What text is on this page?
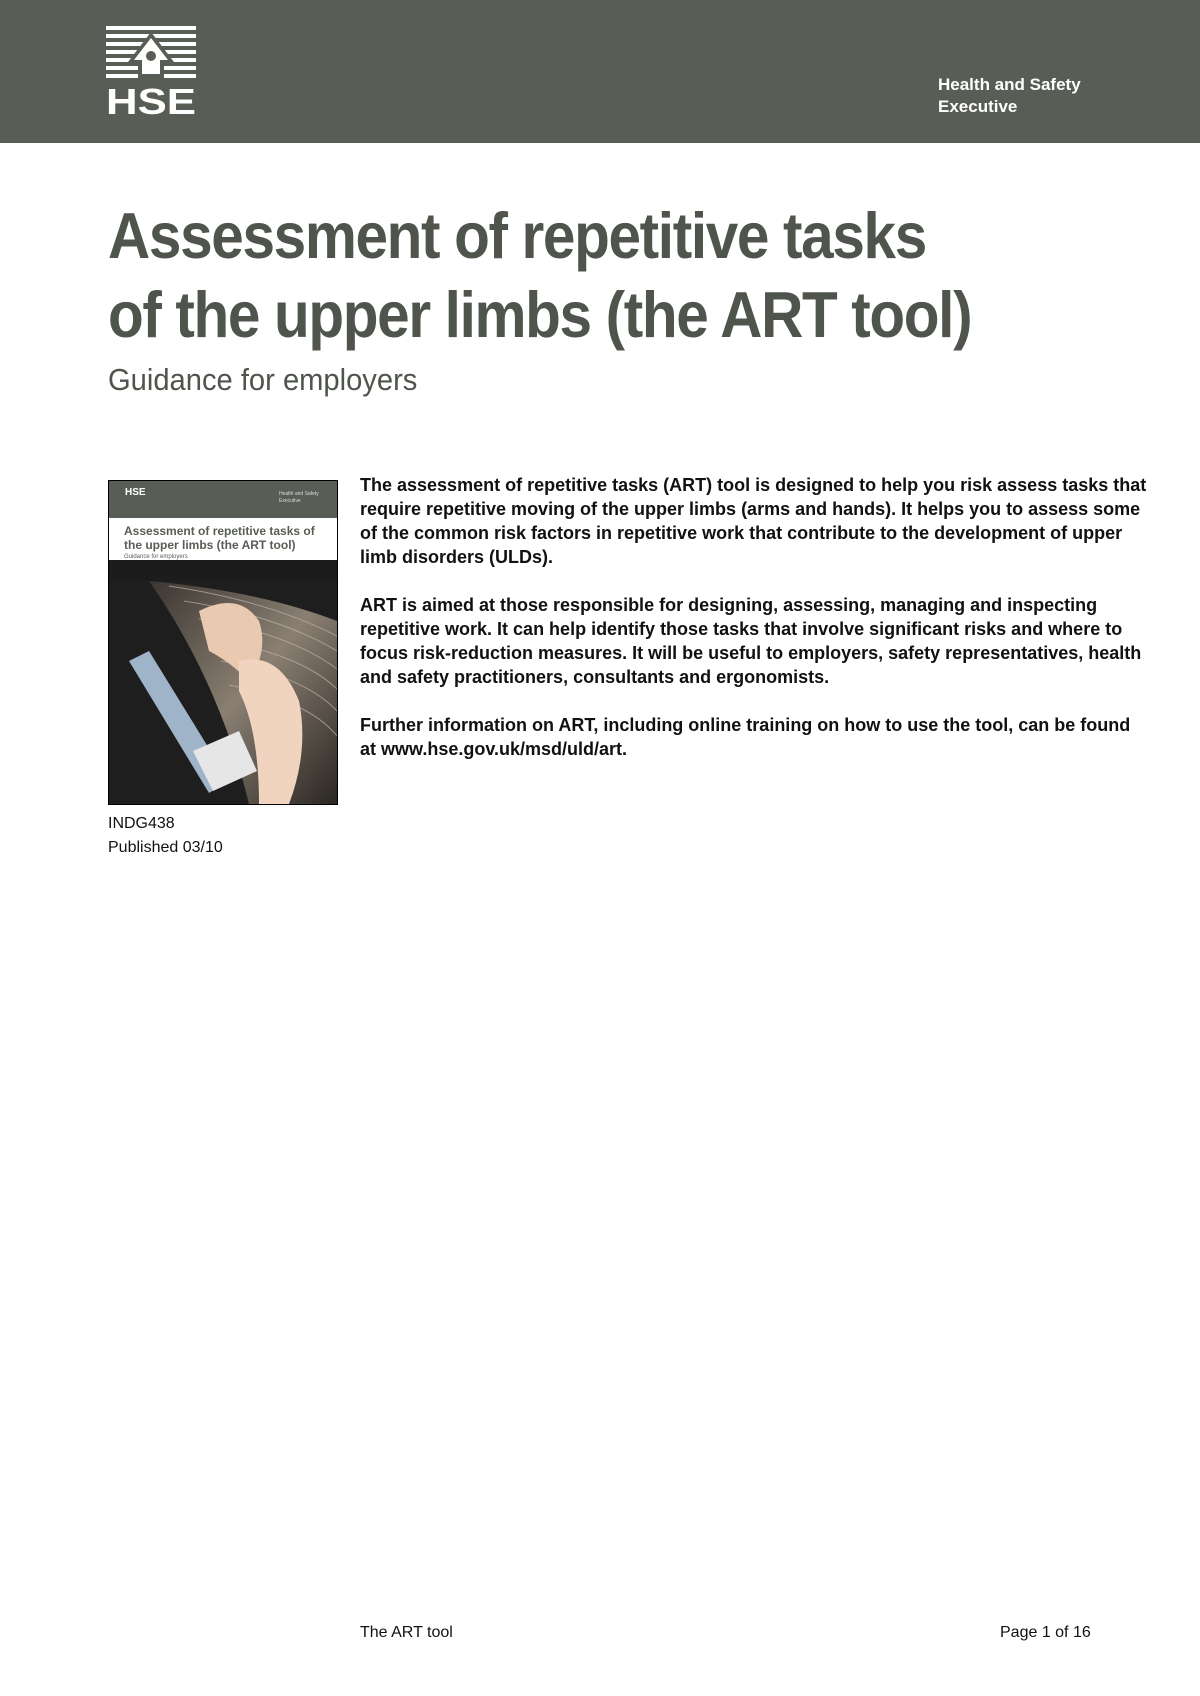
HSE	Health and Safety
Executive
Assessment of repetitive tasks
of the upper limbs (the ART tool)
Guidance for employers
HSE	Health and Safety Executive
Assessment of repetitive tasks of the upper limbs (the ART tool)
Guidance for employers

The assessment of repetitive tasks (ART) tool is designed to help you risk assess tasks that require repetitive moving of the upper limbs (arms and hands). It helps you to assess some of the common risk factors in repetitive work that contribute to the development of upper limb disorders (ULDs).

ART is aimed at those responsible for designing, assessing, managing and inspecting repetitive work. It can help identify those tasks that involve significant risks and where to focus risk-reduction measures. It will be useful to employers, safety representatives, health and safety practitioners, consultants and ergonomists.

Further information on ART, including online training on how to use the tool, can be found at www.hse.gov.uk/msd/uld/art.

INDG438
Published 03/10
The ART tool	Page 1 of 16
